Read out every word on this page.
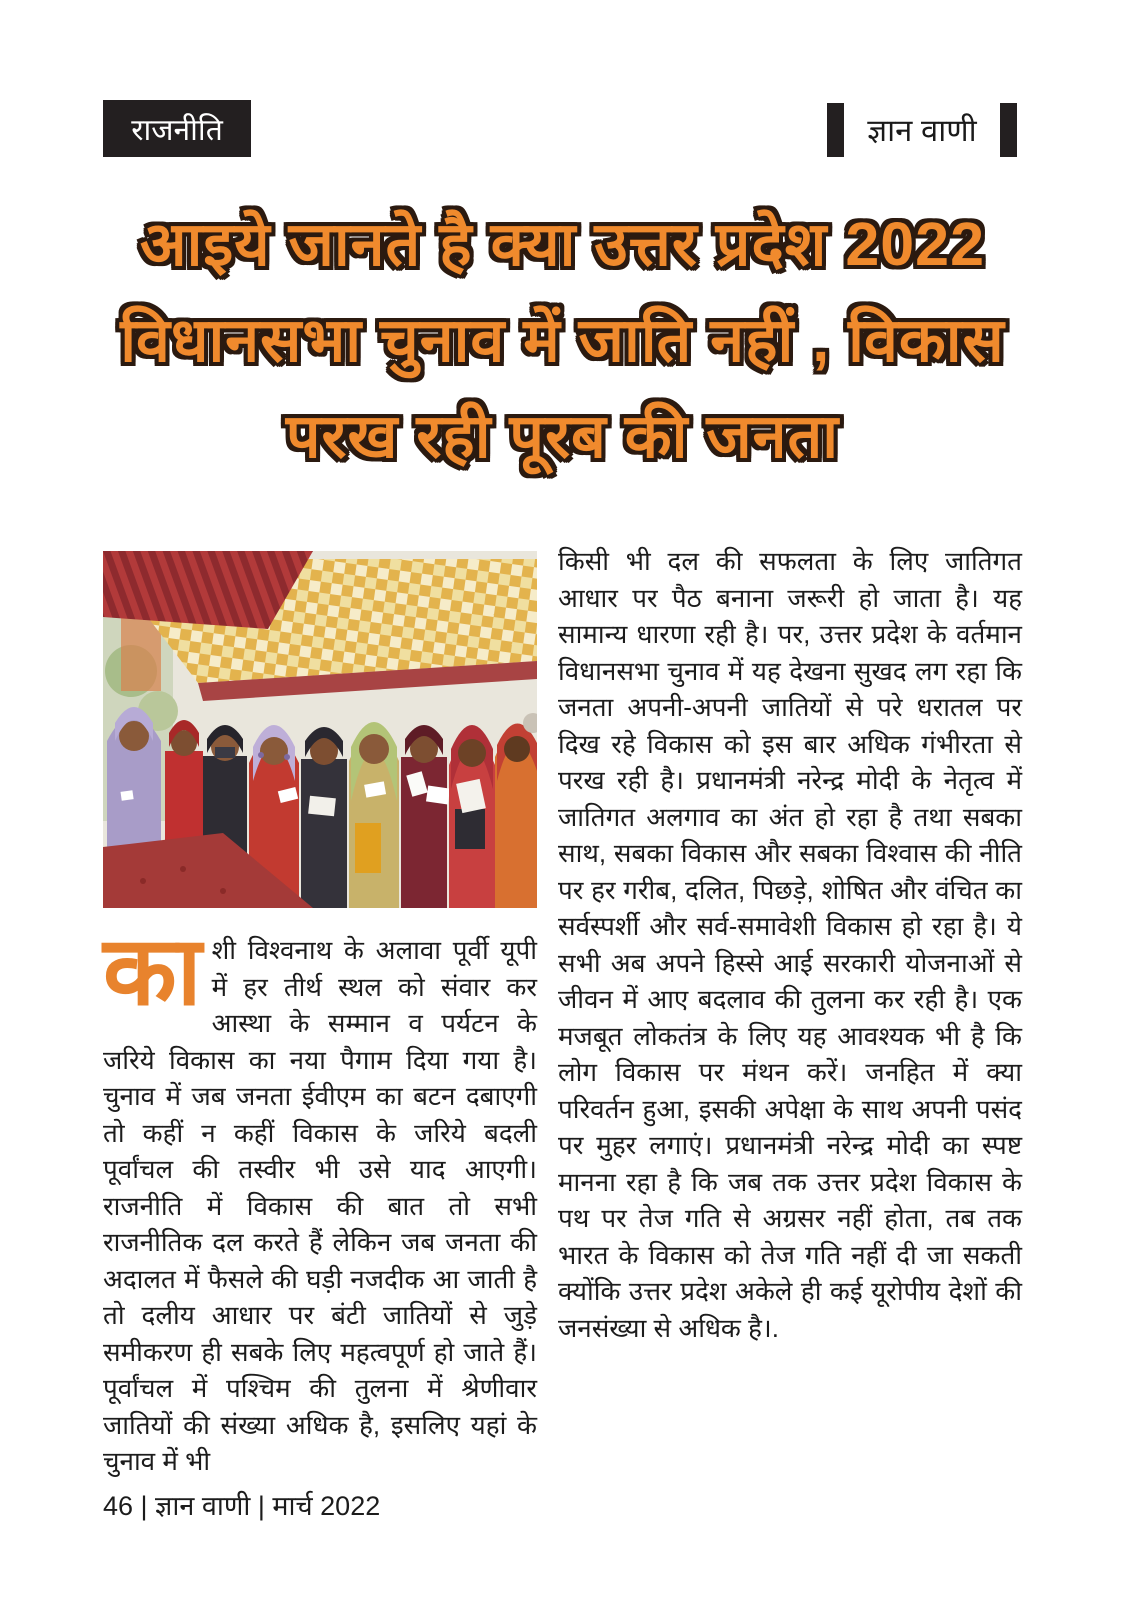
राजनीति	ज्ञान वाणी
आइये जानते है क्या उत्तर प्रदेश 2022
विधानसभा चुनाव में जाति नहीं , विकास
परख रही पूरब की जनता

काशी विश्वनाथ के अलावा पूर्वी यूपी में हर तीर्थ स्थल को संवार कर आस्था के सम्मान व पर्यटन के जरिये विकास का नया पैगाम दिया गया है। चुनाव में जब जनता ईवीएम का बटन दबाएगी तो कहीं न कहीं विकास के जरिये बदली पूर्वांचल की तस्वीर भी उसे याद आएगी। राजनीति में विकास की बात तो सभी राजनीतिक दल करते हैं लेकिन जब जनता की अदालत में फैसले की घड़ी नजदीक आ जाती है तो दलीय आधार पर बंटी जातियों से जुड़े समीकरण ही सबके लिए महत्वपूर्ण हो जाते हैं। पूर्वांचल में पश्चिम की तुलना में श्रेणीवार जातियों की संख्या अधिक है, इसलिए यहां के चुनाव में भी

किसी भी दल की सफलता के लिए जातिगत आधार पर पैठ बनाना जरूरी हो जाता है। यह सामान्य धारणा रही है। पर, उत्तर प्रदेश के वर्तमान विधानसभा चुनाव में यह देखना सुखद लग रहा कि जनता अपनी-अपनी जातियों से परे धरातल पर दिख रहे विकास को इस बार अधिक गंभीरता से परख रही है। प्रधानमंत्री नरेन्द्र मोदी के नेतृत्व में जातिगत अलगाव का अंत हो रहा है तथा सबका साथ, सबका विकास और सबका विश्वास की नीति पर हर गरीब, दलित, पिछड़े, शोषित और वंचित का सर्वस्पर्शी और सर्व-समावेशी विकास हो रहा है। ये सभी अब अपने हिस्से आई सरकारी योजनाओं से जीवन में आए बदलाव की तुलना कर रही है। एक मजबूत लोकतंत्र के लिए यह आवश्यक भी है कि लोग विकास पर मंथन करें। जनहित में क्या परिवर्तन हुआ, इसकी अपेक्षा के साथ अपनी पसंद पर मुहर लगाएं। प्रधानमंत्री नरेन्द्र मोदी का स्पष्ट मानना रहा है कि जब तक उत्तर प्रदेश विकास के पथ पर तेज गति से अग्रसर नहीं होता, तब तक भारत के विकास को तेज गति नहीं दी जा सकती क्योंकि उत्तर प्रदेश अकेले ही कई यूरोपीय देशों की जनसंख्या से अधिक है।.

46 | ज्ञान वाणी | मार्च 2022
